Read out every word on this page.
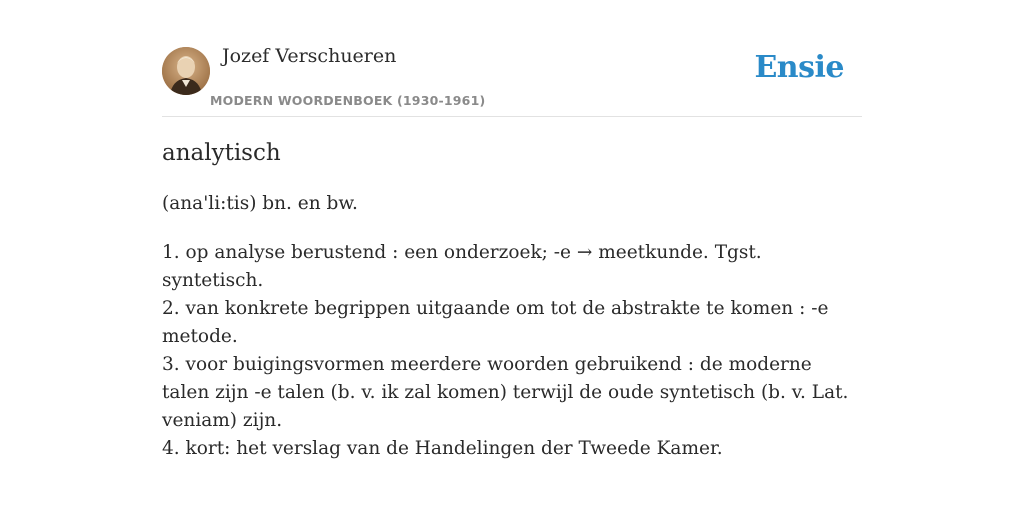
Jozef Verschueren
MODERN WOORDENBOEK (1930-1961)
Ensie
analytisch
(ana'li:tis) bn. en bw.
1. op analyse berustend : een onderzoek; -e → meetkunde. Tgst. syntetisch.
2. van konkrete begrippen uitgaande om tot de abstrakte te komen : -e metode.
3. voor buigingsvormen meerdere woorden gebruikend : de moderne talen zijn -e talen (b. v. ik zal komen) terwijl de oude syntetisch (b. v. Lat. veniam) zijn.
4. kort: het verslag van de Handelingen der Tweede Kamer.
